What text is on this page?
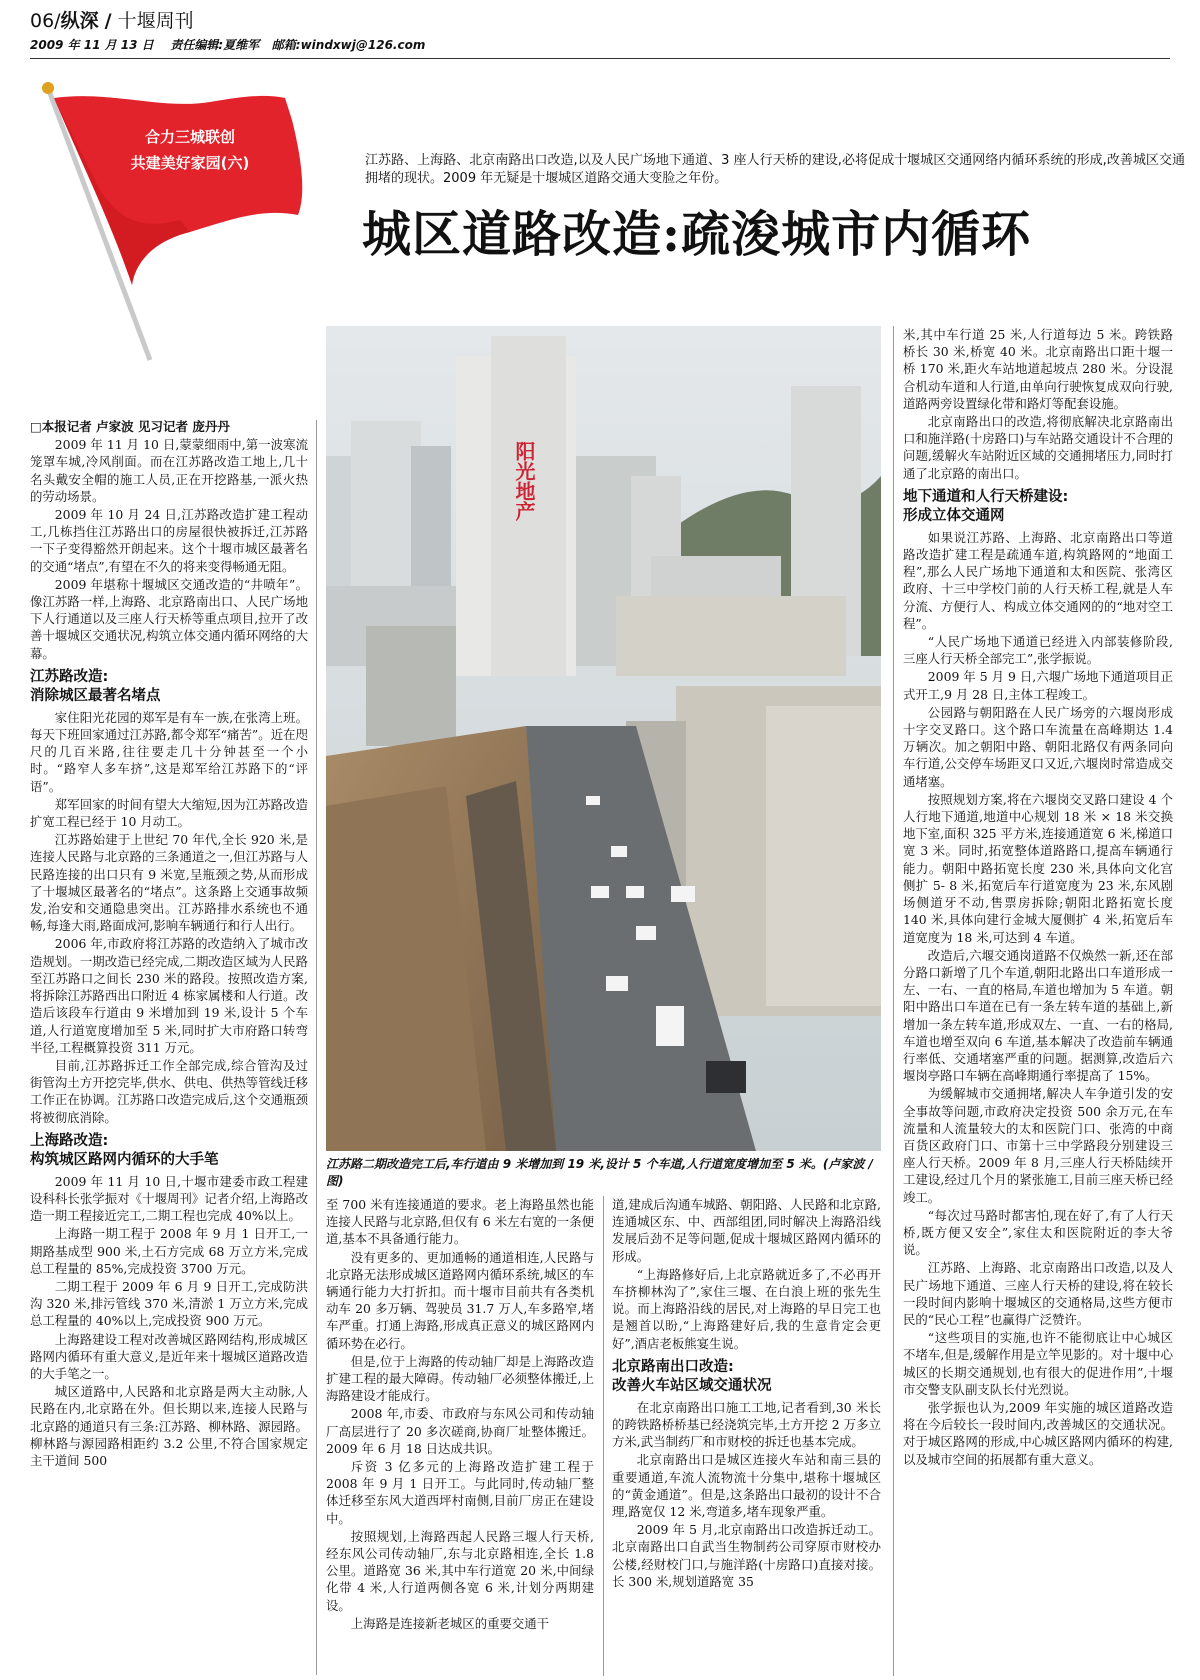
06/纵深 / 十堰周刊
2009 年 11 月 13 日 责任编辑:夏维军 邮箱:windxwj@126.com
合力三城联创
共建美好家园(六)	江苏路、上海路、北京南路出口改造,以及人民广场地下通道、3 座人行天桥的建设,必将促成十堰城区交通网络内循环系统的形成,改善城区交通拥堵的现状。2009 年无疑是十堰城区道路交通大变脸之年份。
城区道路改造:疏浚城市内循环

□本报记者 卢家波 见习记者 庞丹丹

2009 年 11 月 10 日,蒙蒙细雨中,第一波寒流笼罩车城,冷风削面。而在江苏路改造工地上,几十名头戴安全帽的施工人员,正在开挖路基,一派火热的劳动场景。

2009 年 10 月 24 日,江苏路改造扩建工程动工,几栋挡住江苏路出口的房屋很快被拆迁,江苏路一下子变得豁然开朗起来。这个十堰市城区最著名的交通“堵点”,有望在不久的将来变得畅通无阻。

2009 年堪称十堰城区交通改造的“井喷年”。像江苏路一样,上海路、北京路南出口、人民广场地下人行通道以及三座人行天桥等重点项目,拉开了改善十堰城区交通状况,构筑立体交通内循环网络的大幕。

江苏路改造:
消除城区最著名堵点

家住阳光花园的郑军是有车一族,在张湾上班。每天下班回家通过江苏路,都令郑军“痛苦”。近在咫尺的几百米路,往往要走几十分钟甚至一个小时。“路窄人多车挤”,这是郑军给江苏路下的“评语”。

郑军回家的时间有望大大缩短,因为江苏路改造扩宽工程已经于 10 月动工。

江苏路始建于上世纪 70 年代,全长 920 米,是连接人民路与北京路的三条通道之一,但江苏路与人民路连接的出口只有 9 米宽,呈瓶颈之势,从而形成了十堰城区最著名的“堵点”。这条路上交通事故频发,治安和交通隐患突出。江苏路排水系统也不通畅,每逢大雨,路面成河,影响车辆通行和行人出行。

2006 年,市政府将江苏路的改造纳入了城市改造规划。一期改造已经完成,二期改造区域为人民路至江苏路口之间长 230 米的路段。按照改造方案,将拆除江苏路西出口附近 4 栋家属楼和人行道。改造后该段车行道由 9 米增加到 19 米,设计 5 个车道,人行道宽度增加至 5 米,同时扩大市府路口转弯半径,工程概算投资 311 万元。

目前,江苏路拆迁工作全部完成,综合管沟及过街管沟土方开挖完毕,供水、供电、供热等管线迁移工作正在协调。江苏路口改造完成后,这个交通瓶颈将被彻底消除。

上海路改造:
构筑城区路网内循环的大手笔

2009 年 11 月 10 日,十堰市建委市政工程建设科科长张学振对《十堰周刊》记者介绍,上海路改造一期工程接近完工,二期工程也完成 40%以上。

上海路一期工程于 2008 年 9 月 1 日开工,一期路基成型 900 米,土石方完成 68 万立方米,完成总工程量的 85%,完成投资 3700 万元。

二期工程于 2009 年 6 月 9 日开工,完成防洪沟 320 米,排污管线 370 米,清淤 1 万立方米,完成总工程量的 40%以上,完成投资 900 万元。

上海路建设工程对改善城区路网结构,形成城区路网内循环有重大意义,是近年来十堰城区道路改造的大手笔之一。

城区道路中,人民路和北京路是两大主动脉,人民路在内,北京路在外。但长期以来,连接人民路与北京路的通道只有三条:江苏路、柳林路、源园路。柳林路与源园路相距约 3.2 公里,不符合国家规定主干道间 500

阳光地产
江苏路二期改造完工后,车行道由 9 米增加到 19 米,设计 5 个车道,人行道宽度增加至 5 米。(卢家波 /图)

至 700 米有连接通道的要求。老上海路虽然也能连接人民路与北京路,但仅有 6 米左右宽的一条便道,基本不具备通行能力。

没有更多的、更加通畅的通道相连,人民路与北京路无法形成城区道路网内循环系统,城区的车辆通行能力大打折扣。而十堰市目前共有各类机动车 20 多万辆、驾驶员 31.7 万人,车多路窄,堵车严重。打通上海路,形成真正意义的城区路网内循环势在必行。

但是,位于上海路的传动轴厂却是上海路改造扩建工程的最大障碍。传动轴厂必须整体搬迁,上海路建设才能成行。

2008 年,市委、市政府与东风公司和传动轴厂高层进行了 20 多次磋商,协商厂址整体搬迁。2009 年 6 月 18 日达成共识。

斥资 3 亿多元的上海路改造扩建工程于 2008 年 9 月 1 日开工。与此同时,传动轴厂整体迁移至东风大道西坪村南侧,目前厂房正在建设中。

按照规划,上海路西起人民路三堰人行天桥,经东风公司传动轴厂,东与北京路相连,全长 1.8 公里。道路宽 36 米,其中车行道宽 20 米,中间绿化带 4 米,人行道两侧各宽 6 米,计划分两期建设。

上海路是连接新老城区的重要交通干

道,建成后沟通车城路、朝阳路、人民路和北京路,连通城区东、中、西部组团,同时解决上海路沿线发展后劲不足等问题,促成十堰城区路网内循环的形成。

“上海路修好后,上北京路就近多了,不必再开车挤柳林沟了”,家住三堰、在白浪上班的张先生说。而上海路沿线的居民,对上海路的早日完工也是翘首以盼,“上海路建好后,我的生意肯定会更好”,酒店老板熊宴生说。

北京路南出口改造:
改善火车站区域交通状况

在北京南路出口施工工地,记者看到,30 米长的跨铁路桥桥基已经浇筑完毕,土方开挖 2 万多立方米,武当制药厂和市财校的拆迁也基本完成。

北京南路出口是城区连接火车站和南三县的重要通道,车流人流物流十分集中,堪称十堰城区的“黄金通道”。但是,这条路出口最初的设计不合理,路宽仅 12 米,弯道多,堵车现象严重。

2009 年 5 月,北京南路出口改造拆迁动工。北京南路出口自武当生物制药公司穿原市财校办公楼,经财校门口,与施洋路(十房路口)直接对接。长 300 米,规划道路宽 35

米,其中车行道 25 米,人行道每边 5 米。跨铁路桥长 30 米,桥宽 40 米。北京南路出口距十堰一桥 170 米,距火车站地道起坡点 280 米。分设混合机动车道和人行道,由单向行驶恢复成双向行驶,道路两旁设置绿化带和路灯等配套设施。

北京南路出口的改造,将彻底解决北京路南出口和施洋路(十房路口)与车站路交通设计不合理的问题,缓解火车站附近区域的交通拥堵压力,同时打通了北京路的南出口。

地下通道和人行天桥建设:
形成立体交通网

如果说江苏路、上海路、北京南路出口等道路改造扩建工程是疏通车道,构筑路网的“地面工程”,那么人民广场地下通道和太和医院、张湾区政府、十三中学校门前的人行天桥工程,就是人车分流、方便行人、构成立体交通网的的“地对空工程”。

“人民广场地下通道已经进入内部装修阶段,三座人行天桥全部完工”,张学振说。

2009 年 5 月 9 日,六堰广场地下通道项目正式开工,9 月 28 日,主体工程竣工。

公园路与朝阳路在人民广场旁的六堰岗形成十字交叉路口。这个路口车流量在高峰期达 1.4 万辆次。加之朝阳中路、朝阳北路仅有两条同向车行道,公交停车场距叉口又近,六堰岗时常造成交通堵塞。

按照规划方案,将在六堰岗交叉路口建设 4 个人行地下通道,地道中心规划 18 米 × 18 米交换地下室,面积 325 平方米,连接通道宽 6 米,梯道口宽 3 米。同时,拓宽整体道路路口,提高车辆通行能力。朝阳中路拓宽长度 230 米,具体向文化宫侧扩 5- 8 米,拓宽后车行道宽度为 23 米,东风剧场侧道牙不动,售票房拆除;朝阳北路拓宽长度 140 米,具体向建行金城大厦侧扩 4 米,拓宽后车道宽度为 18 米,可达到 4 车道。

改造后,六堰交通岗道路不仅焕然一新,还在部分路口新增了几个车道,朝阳北路出口车道形成一左、一右、一直的格局,车道也增加为 5 车道。朝阳中路出口车道在已有一条左转车道的基础上,新增加一条左转车道,形成双左、一直、一右的格局,车道也增至双向 6 车道,基本解决了改造前车辆通行率低、交通堵塞严重的问题。据测算,改造后六堰岗亭路口车辆在高峰期通行率提高了 15%。

为缓解城市交通拥堵,解决人车争道引发的安全事故等问题,市政府决定投资 500 余万元,在车流量和人流量较大的太和医院门口、张湾的中商百货区政府门口、市第十三中学路段分别建设三座人行天桥。2009 年 8 月,三座人行天桥陆续开工建设,经过几个月的紧张施工,目前三座天桥已经竣工。

“每次过马路时都害怕,现在好了,有了人行天桥,既方便又安全”,家住太和医院附近的李大爷说。

江苏路、上海路、北京南路出口改造,以及人民广场地下通道、三座人行天桥的建设,将在较长一段时间内影响十堰城区的交通格局,这些方便市民的“民心工程”也赢得广泛赞许。

“这些项目的实施,也许不能彻底让中心城区不堵车,但是,缓解作用是立竿见影的。对十堰中心城区的长期交通规划,也有很大的促进作用”,十堰市交警支队副支队长付光烈说。

张学振也认为,2009 年实施的城区道路改造将在今后较长一段时间内,改善城区的交通状况。对于城区路网的形成,中心城区路网内循环的构建,以及城市空间的拓展都有重大意义。
